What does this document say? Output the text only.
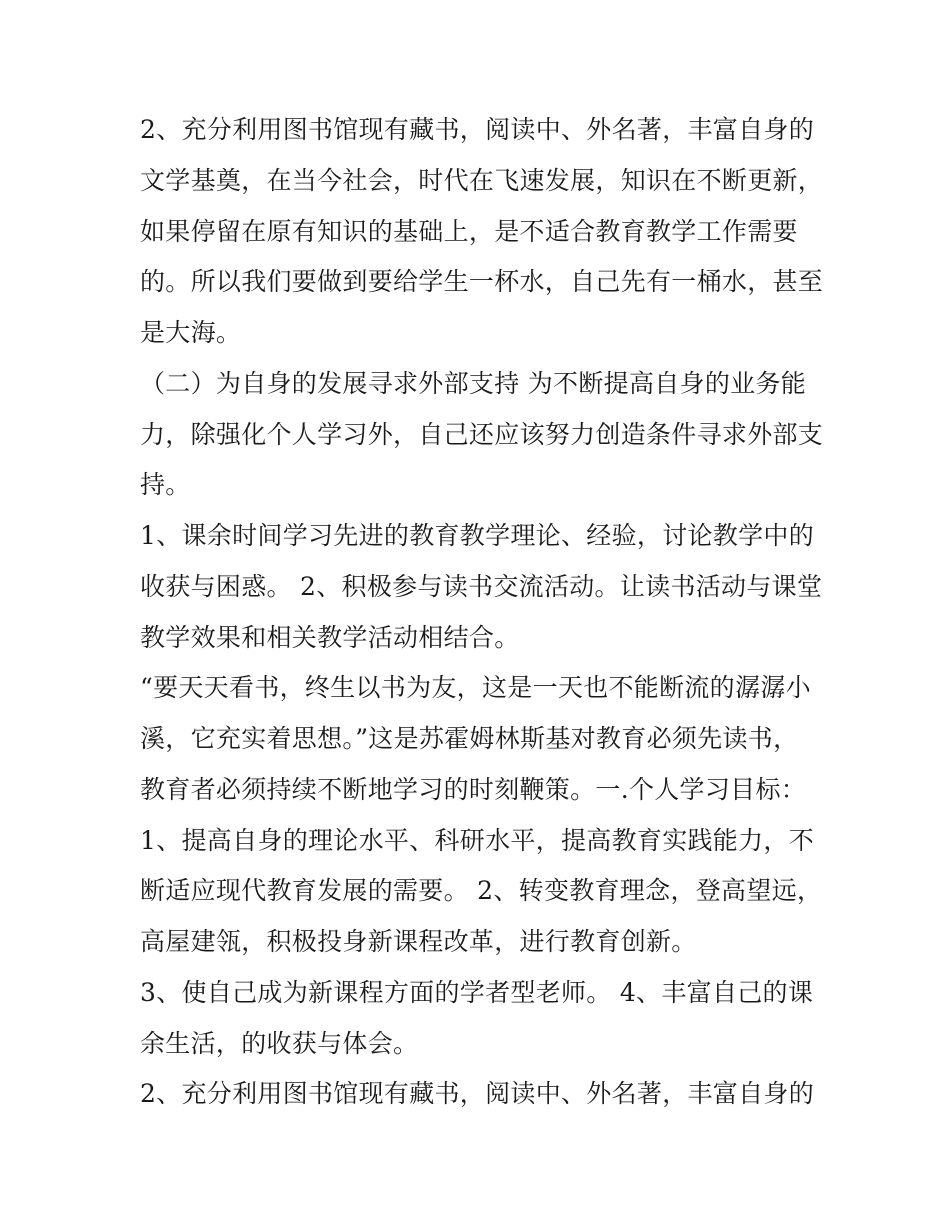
2、充分利用图书馆现有藏书，阅读中、外名著，丰富自身的
文学基奠，在当今社会，时代在飞速发展，知识在不断更新，
如果停留在原有知识的基础上，是不适合教育教学工作需要
的。所以我们要做到要给学生一杯水，自己先有一桶水，甚至
是大海。
（二）为自身的发展寻求外部支持 为不断提高自身的业务能
力，除强化个人学习外，自己还应该努力创造条件寻求外部支
持。
1、课余时间学习先进的教育教学理论、经验，讨论教学中的
收获与困惑。 2、积极参与读书交流活动。让读书活动与课堂
教学效果和相关教学活动相结合。
“要天天看书，终生以书为友，这是一天也不能断流的潺潺小
溪，它充实着思想。”这是苏霍姆林斯基对教育必须先读书，
教育者必须持续不断地学习的时刻鞭策。一.个人学习目标：
1、提高自身的理论水平、科研水平，提高教育实践能力，不
断适应现代教育发展的需要。 2、转变教育理念，登高望远，
高屋建瓴，积极投身新课程改革，进行教育创新。
3、使自己成为新课程方面的学者型老师。 4、丰富自己的课
余生活，的收获与体会。
2、充分利用图书馆现有藏书，阅读中、外名著，丰富自身的
